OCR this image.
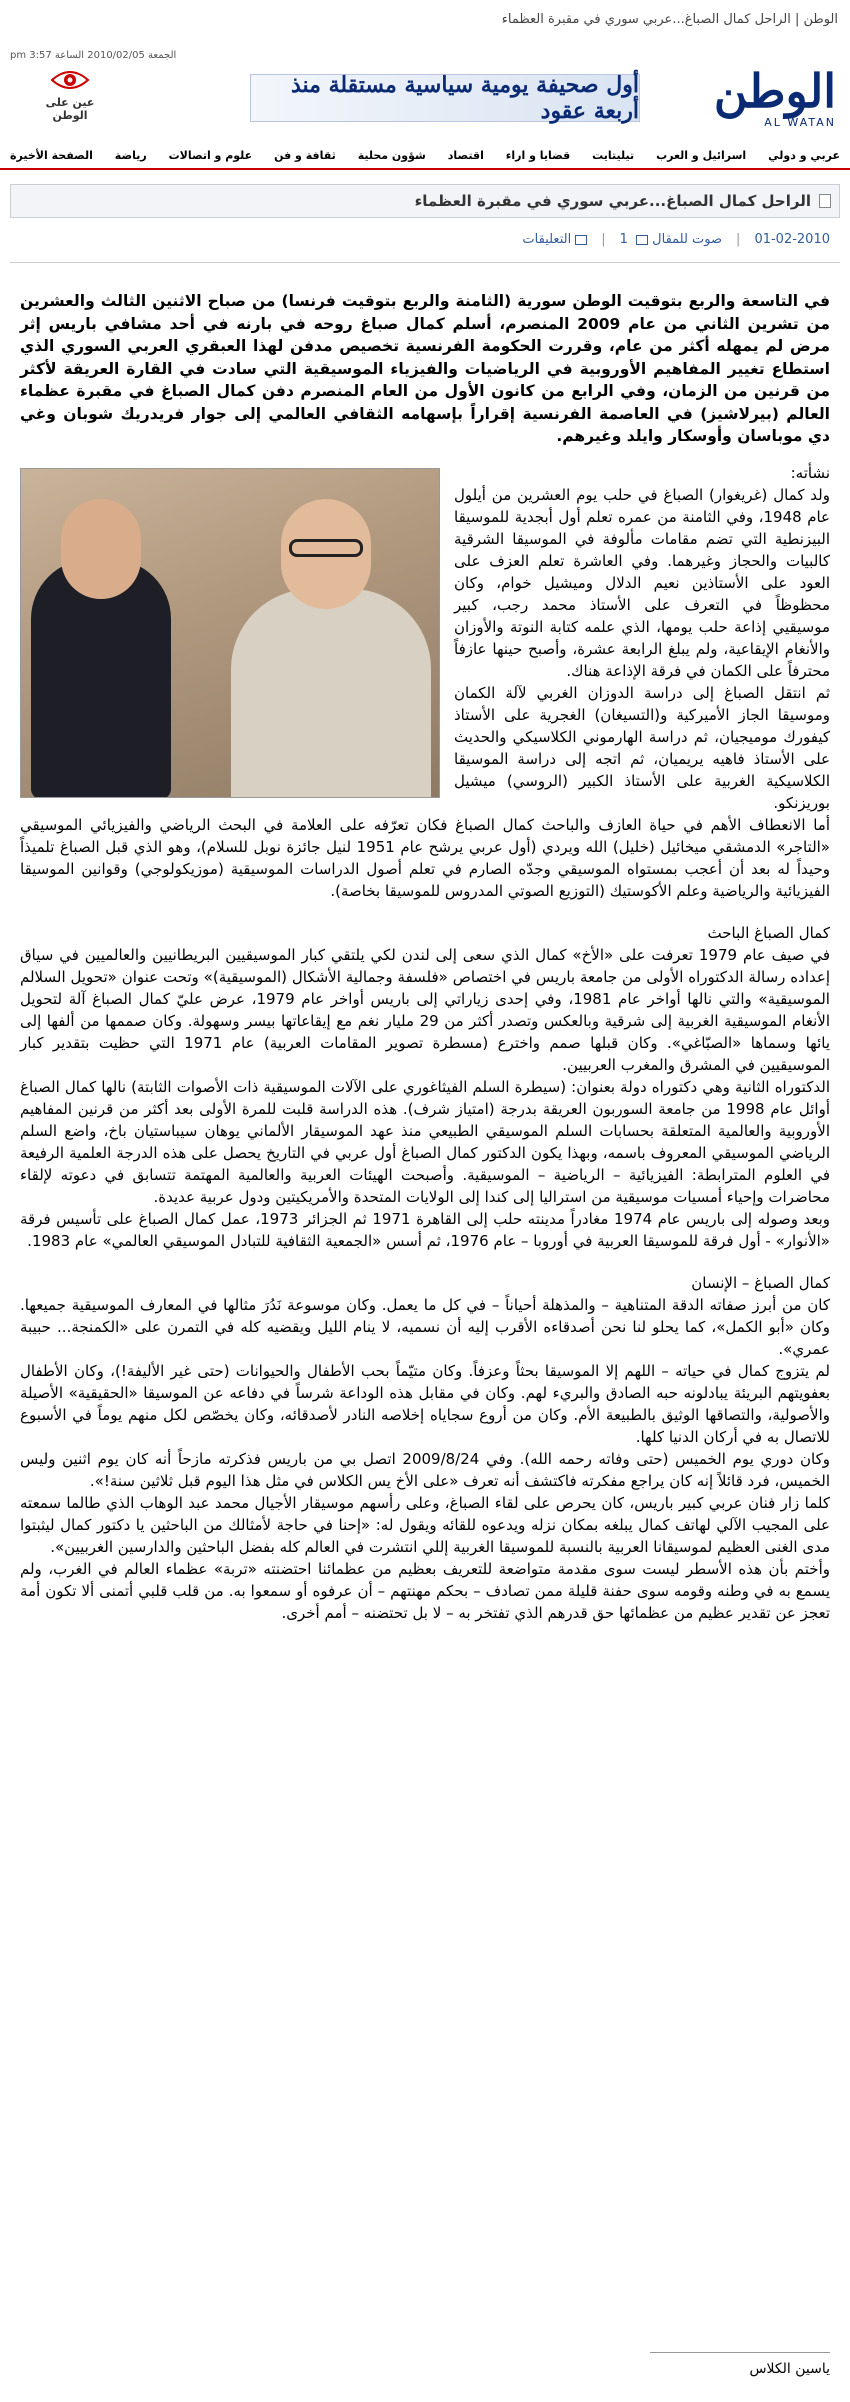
الوطن | الراحل كمال الصباغ...عربي سوري في مقبرة العظماء
الجمعة 2010/02/05 الساعة 3:57 pm
الوطن
AL WATAN
أول صحيفة يومية سياسية مستقلة منذ أربعة عقود
عين على الوطن
عربي و دولي
اسرائيل و العرب
تيليتايت
قضايا و اراء
اقتصاد
شؤون محلية
ثقافة و فن
علوم و اتصالات
رياضة
الصفحة الأخيرة
الراحل كمال الصباغ...عربي سوري في مقبرة العظماء
01-02-2010
|
صوت للمقال  1
|
التعليقات

في التاسعة والربع بتوقيت الوطن سورية (الثامنة والربع بتوقيت فرنسا) من صباح الاثنين الثالث والعشرين من تشرين الثاني من عام 2009 المنصرم، أسلم كمال صباغ روحه في بارنه في أحد مشافي باريس إثر مرض لم يمهله أكثر من عام، وقررت الحكومة الفرنسية تخصيص مدفن لهذا العبقري العربي السوري الذي استطاع تغيير المفاهيم الأوروبية في الرياضيات والفيزياء الموسيقية التي سادت في القارة العريقة لأكثر من قرنين من الزمان، وفي الرابع من كانون الأول من العام المنصرم دفن كمال الصباغ في مقبرة عظماء العالم (بيرلاشيز) في العاصمة الفرنسية إقراراً بإسهامه الثقافي العالمي إلى جوار فريدريك شوبان وغي دي موباسان وأوسكار وايلد وغيرهم.

نشأته:

ولد كمال (غريغوار) الصباغ في حلب يوم العشرين من أيلول عام 1948، وفي الثامنة من عمره تعلم أول أبجدية للموسيقا البيزنطية التي تضم مقامات مألوفة في الموسيقا الشرقية كالبيات والحجاز وغيرهما. وفي العاشرة تعلم العزف على العود على الأستاذين نعيم الدلال وميشيل خوام، وكان محظوظاً في التعرف على الأستاذ محمد رجب، كبير موسيقيي إذاعة حلب يومها، الذي علمه كتابة النوتة والأوزان والأنغام الإيقاعية، ولم يبلغ الرابعة عشرة، وأصبح حينها عازفاً محترفاً على الكمان في فرقة الإذاعة هناك.

ثم انتقل الصباغ إلى دراسة الدوزان الغربي لآلة الكمان وموسيقا الجاز الأميركية و(التسيغان) الغجرية على الأستاذ كيفورك موميجيان، ثم دراسة الهارموني الكلاسيكي والحديث على الأستاذ فاهيه يريميان، ثم اتجه إلى دراسة الموسيقا الكلاسيكية الغربية على الأستاذ الكبير (الروسي) ميشيل بوريزنكو.

أما الانعطاف الأهم في حياة العازف والباحث كمال الصباغ فكان تعرّفه على العلامة في البحث الرياضي والفيزيائي الموسيقي «التاجر» الدمشقي ميخائيل (خليل) الله ويردي (أول عربي يرشح عام 1951 لنيل جائزة نوبل للسلام)، وهو الذي قبل الصباغ تلميذاً وحيداً له بعد أن أعجب بمستواه الموسيقي وجدّه الصارم في تعلم أصول الدراسات الموسيقية (موزيكولوجي) وقوانين الموسيقا الفيزيائية والرياضية وعلم الأكوستيك (التوزيع الصوتي المدروس للموسيقا بخاصة).

كمال الصباغ الباحث

في صيف عام 1979 تعرفت على «الأخ» كمال الذي سعى إلى لندن لكي يلتقي كبار الموسيقيين البريطانيين والعالميين في سياق إعداده رسالة الدكتوراه الأولى من جامعة باريس في اختصاص «فلسفة وجمالية الأشكال (الموسيقية)» وتحت عنوان «تحويل السلالم الموسيقية» والتي نالها أواخر عام 1981، وفي إحدى زياراتي إلى باريس أواخر عام 1979، عرض عليّ كمال الصباغ آلة لتحويل الأنغام الموسيقية الغربية إلى شرقية وبالعكس وتصدر أكثر من 29 مليار نغم مع إيقاعاتها بيسر وسهولة. وكان صممها من ألفها إلى يائها وسماها «الصبّاغي». وكان قبلها صمم واخترع (مسطرة تصوير المقامات العربية) عام 1971 التي حظيت بتقدير كبار الموسيقيين في المشرق والمغرب العربيين.

الدكتوراه الثانية وهي دكتوراه دولة بعنوان: (سيطرة السلم الفيثاغوري على الآلات الموسيقية ذات الأصوات الثابتة) نالها كمال الصباغ أوائل عام 1998 من جامعة السوربون العريقة بدرجة (امتياز شرف). هذه الدراسة قلبت للمرة الأولى بعد أكثر من قرنين المفاهيم الأوروبية والعالمية المتعلقة بحسابات السلم الموسيقي الطبيعي منذ عهد الموسيقار الألماني يوهان سيباستيان باخ، واضع السلم الرياضي الموسيقي المعروف باسمه، وبهذا يكون الدكتور كمال الصباغ أول عربي في التاريخ يحصل على هذه الدرجة العلمية الرفيعة في العلوم المترابطة: الفيزيائية – الرياضية – الموسيقية. وأصبحت الهيئات العربية والعالمية المهتمة تتسابق في دعوته لإلقاء محاضرات وإحياء أمسيات موسيقية من استراليا إلى كندا إلى الولايات المتحدة والأمريكيتين ودول عربية عديدة.

وبعد وصوله إلى باريس عام 1974 مغادراً مدينته حلب إلى القاهرة 1971 ثم الجزائر 1973، عمل كمال الصباغ على تأسيس فرقة «الأنوار» - أول فرقة للموسيقا العربية في أوروبا – عام 1976، ثم أسس «الجمعية الثقافية للتبادل الموسيقي العالمي» عام 1983.

كمال الصباغ – الإنسان

كان من أبرز صفاته الدقة المتناهية – والمذهلة أحياناً – في كل ما يعمل. وكان موسوعة نَدُرَ مثالها في المعارف الموسيقية جميعها. وكان «أبو الكمل»، كما يحلو لنا نحن أصدقاءه الأقرب إليه أن نسميه، لا ينام الليل ويقضيه كله في التمرن على «الكمنجة... حبيبة عمري».

لم يتزوج كمال في حياته – اللهم إلا الموسيقا بحثاً وعزفاً. وكان متيّماً بحب الأطفال والحيوانات (حتى غير الأليفة!)، وكان الأطفال بعفويتهم البريئة يبادلونه حبه الصادق والبريء لهم. وكان في مقابل هذه الوداعة شرساً في دفاعه عن الموسيقا «الحقيقية» الأصيلة والأصولية، والتصاقها الوثيق بالطبيعة الأم. وكان من أروع سجاياه إخلاصه النادر لأصدقائه، وكان يخصّص لكل منهم يوماً في الأسبوع للاتصال به في أركان الدنيا كلها.

وكان دوري يوم الخميس (حتى وفاته رحمه الله). وفي 2009/8/24 اتصل بي من باريس فذكرته مازحاً أنه كان يوم اثنين وليس الخميس، فرد قائلاً إنه كان يراجع مفكرته فاكتشف أنه تعرف «على الأخ يس الكلاس في مثل هذا اليوم قبل ثلاثين سنة!».

كلما زار فنان عربي كبير باريس، كان يحرص على لقاء الصباغ، وعلى رأسهم موسيقار الأجيال محمد عبد الوهاب الذي طالما سمعته على المجيب الآلي لهاتف كمال يبلغه بمكان نزله ويدعوه للقائه ويقول له: «إحنا في حاجة لأمثالك من الباحثين يا دكتور كمال ليثبتوا مدى الغنى العظيم لموسيقانا العربية بالنسبة للموسيقا الغربية إللي انتشرت في العالم كله بفضل الباحثين والدارسين الغربيين».

وأختم بأن هذه الأسطر ليست سوى مقدمة متواضعة للتعريف بعظيم من عظمائنا احتضنته «تربة» عظماء العالم في الغرب، ولم يسمع به في وطنه وقومه سوى حفنة قليلة ممن تصادف – بحكم مهنتهم – أن عرفوه أو سمعوا به. من قلب قلبي أتمنى ألا تكون أمة تعجز عن تقدير عظيم من عظمائها حق قدرهم الذي تفتخر به – لا بل تحتضنه – أمم أخرى.

ياسين الكلاس
